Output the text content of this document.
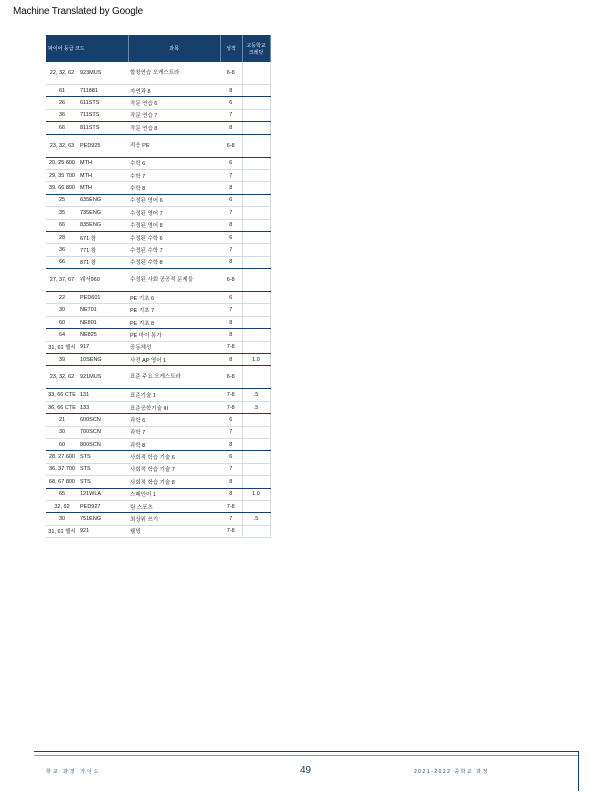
Machine Translated by Google
파이어 등급 코드		과목	성적	고등학교 크레딧
22, 32, 62	923MUS	합창연습 오케스트라	6-8	
61	711881	자연과 8	8	
26	611STS	작문 연습 6	6	
36	711STS	작문 연습 7	7	
66	811STS	작문 연습 8	8	
23, 32, 63	PED925	적응 PE	6-8	
20, 25 600	MTH	수학 6	6	
29, 35 700	MTH	수학 7	7	
39, 66 800	MTH	수학 8	8	
25	635ENG	수정된 영어 6	6	
35	735ENG	수정된 영어 7	7	
66	835ENG	수정된 영어 8	8	
28	671 참	수정된 수학 6	6	
36	771 참	수정된 수학 7	7	
66	871 참	수정된 수학 8	8	
27, 37, 67	웨서960	수정된 사회 공공적 문제들	6-8	
22	PED601	PE 기초 6	6	
30	NE701	PE 기초 7	7	
60	NE801	PE 기초 8	8	
64	NE825	PE 마이 통가	8	
31, 61 헬서	917	공동체성	7-8	
39	10SENG	사전 AP 영어 1	8	1.0
23, 32, 62	921MUS	표준 주요 오케스트라	6-8	
33, 66 CTE	131	표준기술 1	7-8	.5
36, 66 CTE	133	표준공학기술 III	7-8	.5
21	600SCN	과학 6	6	
30	700SCN	과학 7	7	
60	800SCN	과학 8	8	
28, 27 600	STS	사회적 학습 기술 6	6	
36, 37 700	STS	사회적 학습 기술 7	7	
68, 67 800	STS	사회적 학습 기술 8	8	
65	121WLA	스페인어 1	8	1.0
32, 62	PED927	팀 스포츠	7-8	
30	751ENG	최상위 쓰기	7	.5
31, 61 헬서	921	웰빙	7-8	
학교 과정 가이드	49	2021-2022 중학교 과정
